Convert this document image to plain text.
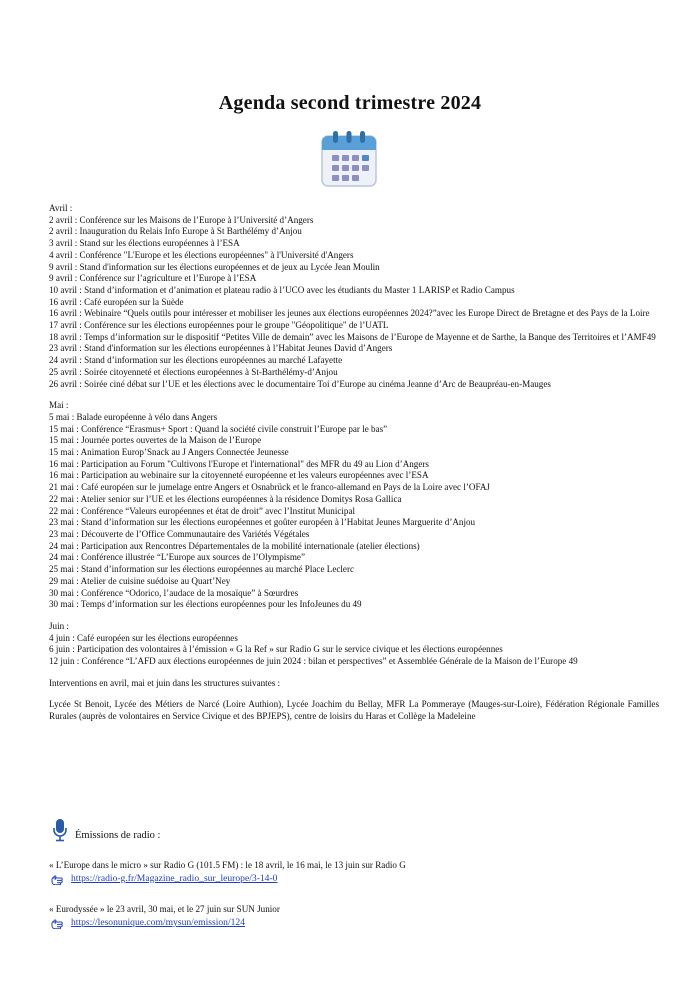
Agenda second trimestre 2024

Avril :

2 avril : Conférence sur les Maisons de l’Europe à l’Université d’Angers

2 avril : Inauguration du Relais Info Europe à St Barthélémy d’Anjou

3 avril : Stand sur les élections européennes à l’ESA

4 avril : Conférence "L'Europe et les élections européennes" à l'Université d'Angers

9 avril : Stand d'information sur les élections européennes et de jeux au Lycée Jean Moulin

9 avril : Conférence sur l’agriculture et l’Europe à l’ESA

10 avril : Stand d’information et d’animation et plateau radio à l’UCO avec les étudiants du Master 1 LARISP et Radio Campus

16 avril : Café européen sur la Suède

16 avril : Webinaire “Quels outils pour intéresser et mobiliser les jeunes aux élections européennes 2024?”avec les Europe Direct de Bretagne et des Pays de la Loire

17 avril : Conférence sur les élections européennes pour le groupe "Géopolitique" de l’UATL

18 avril : Temps d’information sur le dispositif “Petites Ville de demain” avec les Maisons de l’Europe de Mayenne et de Sarthe, la Banque des Territoires et l’AMF49

23 avril : Stand d'information sur les élections européennes à l’Habitat Jeunes David d’Angers

24 avril : Stand d’information sur les élections européennes au marché Lafayette

25 avril : Soirée citoyenneté et élections européennes à St-Barthélémy-d’Anjou

26 avril : Soirée ciné débat sur l’UE et les élections avec le documentaire Toi d’Europe au cinéma Jeanne d’Arc de Beaupréau-en-Mauges

Mai :

5 mai : Balade européenne à vélo dans Angers

15 mai : Conférence “Erasmus+ Sport : Quand la société civile construit l’Europe par le bas”

15 mai : Journée portes ouvertes de la Maison de l’Europe

15 mai : Animation Europ’Snack au J Angers Connectée Jeunesse

16 mai : Participation au Forum "Cultivons l'Europe et l'international" des MFR du 49 au Lion d’Angers

16 mai : Participation au webinaire sur la citoyenneté européenne et les valeurs européennes avec l’ESA

21 mai : Café européen sur le jumelage entre Angers et Osnabrück et le franco-allemand en Pays de la Loire avec l’OFAJ

22 mai : Atelier senior sur l’UE et les élections européennes à la résidence Domitys Rosa Gallica

22 mai : Conférence “Valeurs européennes et état de droit” avec l’Institut Municipal

23 mai : Stand d’information sur les élections européennes et goûter européen à l’Habitat Jeunes Marguerite d’Anjou

23 mai : Découverte de l’Office Communautaire des Variétés Végétales

24 mai : Participation aux Rencontres Départementales de la mobilité internationale (atelier élections)

24 mai : Conférence illustrée “L’Europe aux sources de l’Olympisme”

25 mai : Stand d’information sur les élections européennes au marché Place Leclerc

29 mai : Atelier de cuisine suédoise au Quart’Ney

30 mai : Conférence “Odorico, l’audace de la mosaïque” à Sœurdres

30 mai : Temps d’information sur les élections européennes pour les InfoJeunes du 49

Juin :

4 juin : Café européen sur les élections européennes

6 juin : Participation des volontaires à l’émission « G la Ref » sur Radio G sur le service civique et les élections européennes

12 juin : Conférence “L’AFD aux élections européennes de juin 2024 : bilan et perspectives” et Assemblée Générale de la Maison de l’Europe 49

Interventions en avril, mai et juin dans les structures suivantes :

Lycée St Benoit, Lycée des Métiers de Narcé (Loire Authion), Lycée Joachim du Bellay, MFR La Pommeraye (Mauges-sur-Loire), Fédération Régionale Familles Rurales (auprès de volontaires en Service Civique et des BPJEPS), centre de loisirs du Haras et Collège la Madeleine

Émissions de radio :
« L’Europe dans le micro » sur Radio G (101.5 FM) : le 18 avril, le 16 mai, le 13 juin sur Radio G
https://radio-g.fr/Magazine_radio_sur_leurope/3-14-0
« Eurodyssée » le 23 avril, 30 mai, et le 27 juin sur SUN Junior
https://lesonunique.com/mysun/emission/124
